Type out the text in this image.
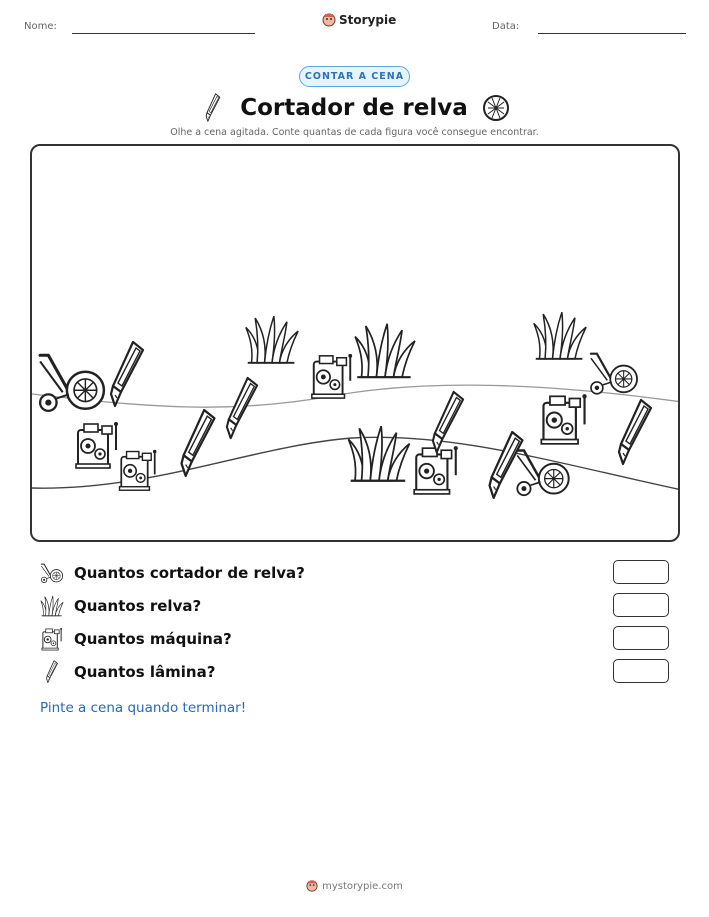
Nome:	Storypie	Data:
CONTAR A CENA
Cortador de relva
Olhe a cena agitada. Conte quantas de cada figura você consegue encontrar.
Quantos cortador de relva?
Quantos relva?
Quantos máquina?
Quantos lâmina?
Pinte a cena quando terminar!
mystorypie.com
